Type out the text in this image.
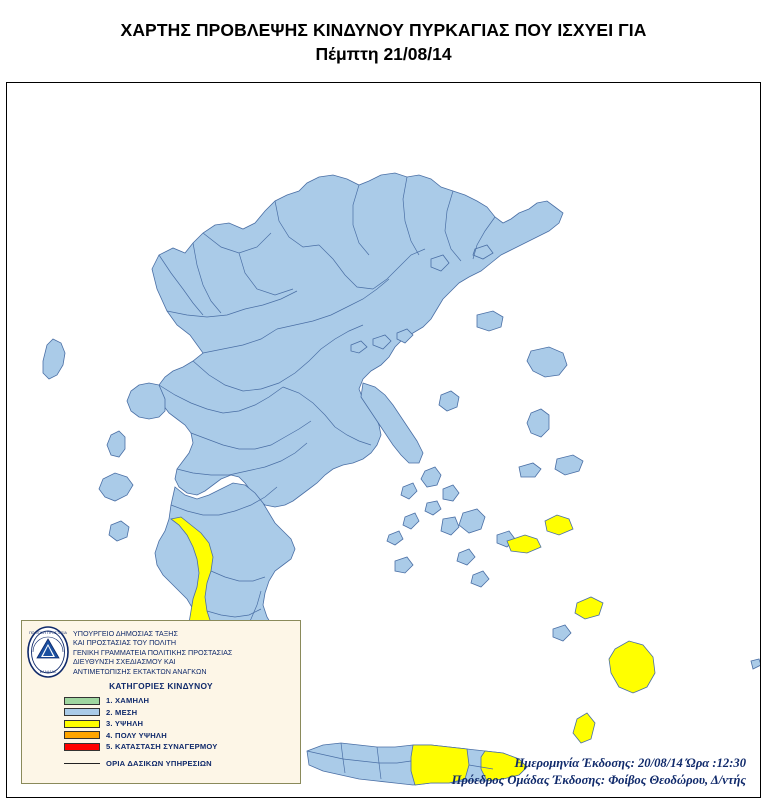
ΧΑΡΤΗΣ ΠΡΟΒΛΕΨΗΣ ΚΙΝΔΥΝΟΥ ΠΥΡΚΑΓΙΑΣ ΠΟΥ ΙΣΧΥΕΙ ΓΙΑ
Πέμπτη 21/08/14
ΠΟΛΙΤΙΚΗ ΠΡΟΣΤΑΣΙΑ
ΕΛΛΑΔΑΣ
ΥΠΟΥΡΓΕΙΟ ΔΗΜΟΣΙΑΣ ΤΑΞΗΣ
ΚΑΙ ΠΡΟΣΤΑΣΙΑΣ ΤΟΥ ΠΟΛΙΤΗ
ΓΕΝΙΚΗ ΓΡΑΜΜΑΤΕΙΑ ΠΟΛΙΤΙΚΗΣ ΠΡΟΣΤΑΣΙΑΣ
ΔΙΕΥΘΥΝΣΗ ΣΧΕΔΙΑΣΜΟΥ ΚΑΙ
ΑΝΤΙΜΕΤΩΠΙΣΗΣ ΕΚΤΑΚΤΩΝ ΑΝΑΓΚΩΝ
ΚΑΤΗΓΟΡΙΕΣ ΚΙΝΔΥΝΟΥ
1. ΧΑΜΗΛΗ
2. ΜΕΣΗ
3. ΥΨΗΛΗ
4. ΠΟΛΥ ΥΨΗΛΗ
5. ΚΑΤΑΣΤΑΣΗ ΣΥΝΑΓΕΡΜΟΥ
ΟΡΙΑ ΔΑΣΙΚΩΝ ΥΠΗΡΕΣΙΩΝ	Ημερομηνία Έκδοσης: 20/08/14 Ώρα :12:30
Πρόεδρος Ομάδας Έκδοσης: Φοίβος Θεοδώρου, Δ/ντής
